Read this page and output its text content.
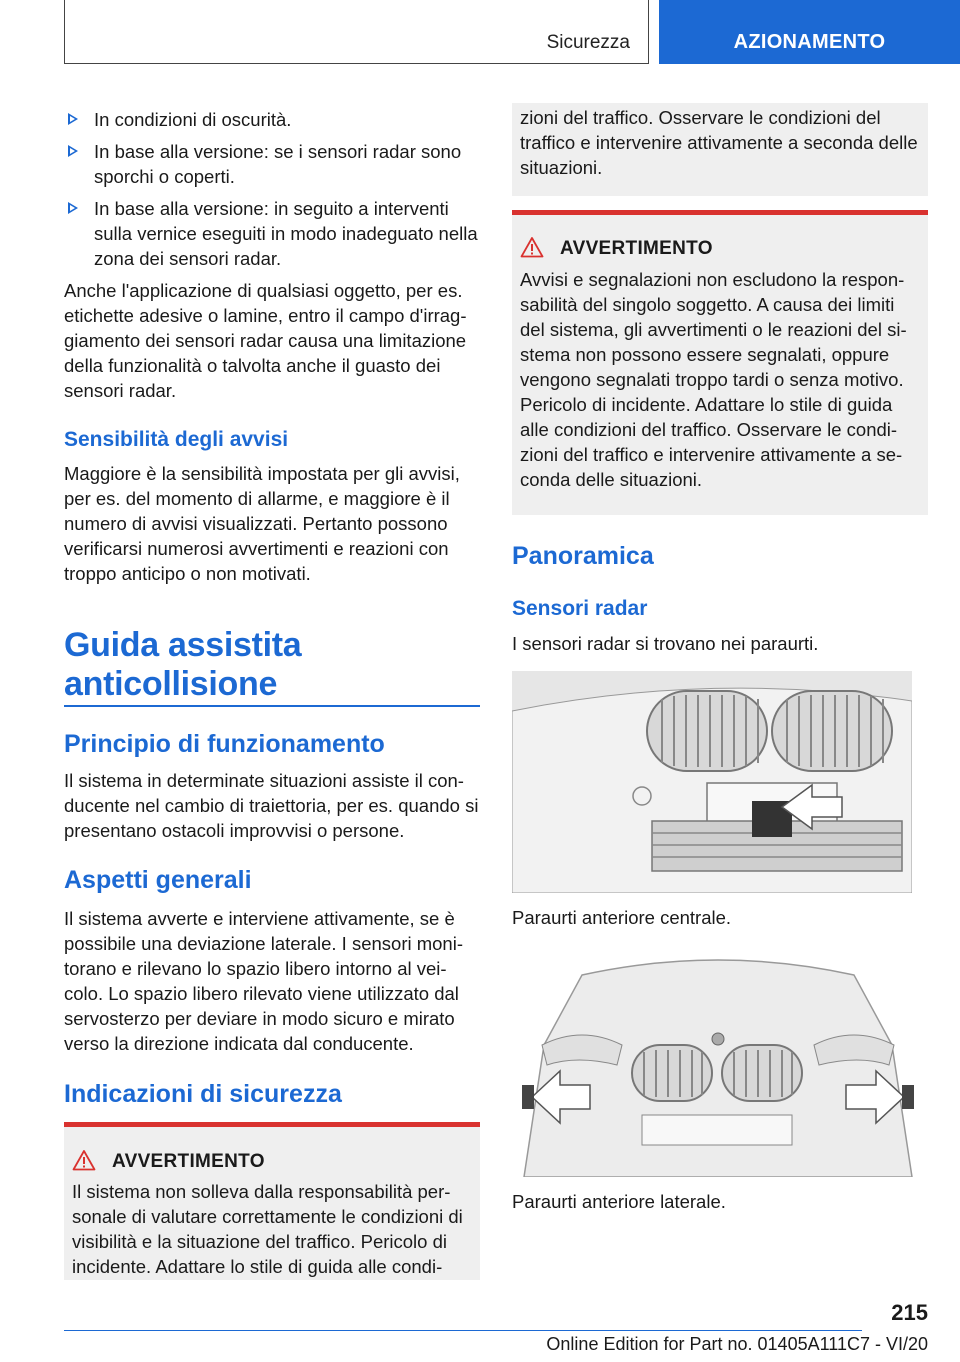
Sicurezza	AZIONAMENTO
In condizioni di oscurità.
In base alla versione: se i sensori radar sono sporchi o coperti.
In base alla versione: in seguito a interventi sulla vernice eseguiti in modo inadeguato nella zona dei sensori radar.
Anche l'applicazione di qualsiasi oggetto, per es. etichette adesive o lamine, entro il campo d'irrag-giamento dei sensori radar causa una limitazione della funzionalità o talvolta anche il guasto dei sensori radar.
Sensibilità degli avvisi
Maggiore è la sensibilità impostata per gli avvisi, per es. del momento di allarme, e maggiore è il numero di avvisi visualizzati. Pertanto possono verificarsi numerosi avvertimenti e reazioni con troppo anticipo o non motivati.
Guida assistita
anticollisione
Principio di funzionamento
Il sistema in determinate situazioni assiste il con-ducente nel cambio di traiettoria, per es. quando si presentano ostacoli improvvisi o persone.
Aspetti generali
Il sistema avverte e interviene attivamente, se è possibile una deviazione laterale. I sensori moni-torano e rilevano lo spazio libero intorno al vei-colo. Lo spazio libero rilevato viene utilizzato dal servosterzo per deviare in modo sicuro e mirato verso la direzione indicata dal conducente.
Indicazioni di sicurezza
AVVERTIMENTO
Il sistema non solleva dalla responsabilità per-sonale di valutare correttamente le condizioni di visibilità e la situazione del traffico. Pericolo di incidente. Adattare lo stile di guida alle condi-
zioni del traffico. Osservare le condizioni del traffico e intervenire attivamente a seconda delle situazioni.
AVVERTIMENTO
Avvisi e segnalazioni non escludono la respon-sabilità del singolo soggetto. A causa dei limiti del sistema, gli avvertimenti o le reazioni del si-stema non possono essere segnalati, oppure vengono segnalati troppo tardi o senza motivo. Pericolo di incidente. Adattare lo stile di guida alle condizioni del traffico. Osservare le condi-zioni del traffico e intervenire attivamente a se-conda delle situazioni.
Panoramica
Sensori radar
I sensori radar si trovano nei paraurti.
Paraurti anteriore centrale.
Paraurti anteriore laterale.
215
Online Edition for Part no. 01405A111C7 - VI/20
